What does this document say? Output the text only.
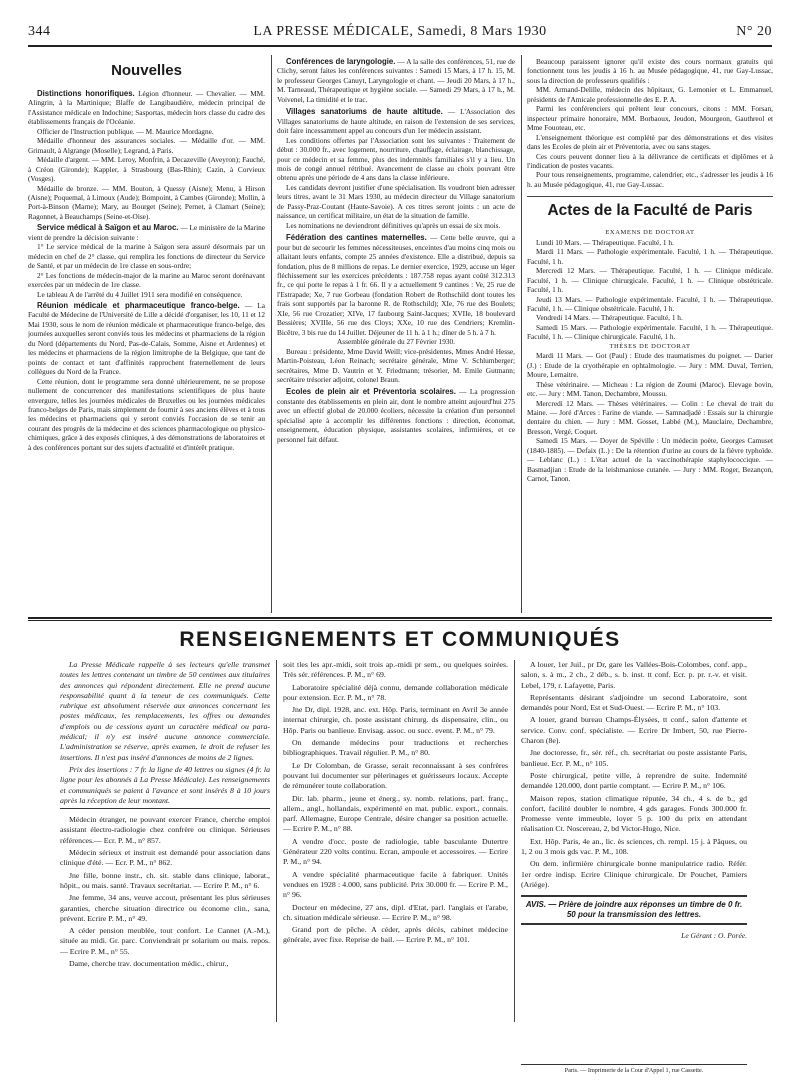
344	LA PRESSE MÉDICALE, Samedi, 8 Mars 1930	N° 20
Nouvelles

Distinctions honorifiques. Légion d'honneur. — Chevalier. — MM. Alingrin, à la Martinique; Blaffe de Langibaudière, médecin principal de l'Assistance médicale en Indochine; Sasportas, médecin hors classe du cadre des établissements français de l'Océanie.

Officier de l'Instruction publique. — M. Maurice Mordagne.

Médaille d'honneur des assurances sociales. — Médaille d'or. — MM. Grimault, à Algrange (Moselle); Legrand, à Paris.

Médaille d'argent. — MM. Leroy, Monfrin, à Decazeville (Aveyron); Fauché, à Créon (Gironde); Kappler, à Strasbourg (Bas-Rhin); Cazin, à Corvieux (Vosges).

Médaille de bronze. — MM. Bouton, à Quessy (Aisne); Menu, à Hirson (Aisne); Poquemal, à Limoux (Aude); Bompoint, à Cambes (Gironde); Mollin, à Port-à-Binson (Marne); Mary, au Bourget (Seine); Pernet, à Clamart (Seine); Ragonnet, à Beauchamps (Seine-et-Oise).

Service médical à Saïgon et au Maroc. — Le ministère de la Marine vient de prendre la décision suivante :

1° Le service médical de la marine à Saïgon sera assuré désormais par un médecin en chef de 2° classe, qui remplira les fonctions de directeur du Service de Santé, et par un médecin de 1re classe en sous-ordre;

2° Les fonctions de médecin-major de la marine au Maroc seront dorénavant exercées par un médecin de 1re classe.

Le tableau A de l'arrêté du 4 Juillet 1911 sera modifié en conséquence.

Réunion médicale et pharmaceutique franco-belge. — La Faculté de Médecine de l'Université de Lille a décidé d'organiser, les 10, 11 et 12 Mai 1930, sous le nom de réunion médicale et pharmaceutique franco-belge, des journées auxquelles seront conviés tous les médecins et pharmaciens de la région du Nord (départements du Nord, Pas-de-Calais, Somme, Aisne et Ardennes) et les médecins et pharmaciens de la région limitrophe de la Belgique, que tant de points de contact et tant d'affinités rapprochent fraternellement de leurs collègues du Nord de la France.

Cette réunion, dont le programme sera donné ultérieurement, ne se propose nullement de concurrencer des manifestations scientifiques de plus haute envergure, telles les journées médicales de Bruxelles ou les journées médicales franco-belges de Paris, mais simplement de fournir à ses anciens élèves et à tous les médecins et pharmaciens qui y seront conviés l'occasion de se tenir au courant des progrès de la médecine et des sciences pharmacologique ou physico-chimiques, grâce à des exposés cliniques, à des démonstrations de laboratoires et à des conférences portant sur des sujets d'actualité et d'intérêt pratique.

Conférences de laryngologie. — A la salle des conférences, 51, rue de Clichy, seront faites les conférences suivantes : Samedi 15 Mars, à 17 h. 15, M. le professeur Georges Canuyt, Laryngologie et chant. — Jeudi 20 Mars, à 17 h., M. Tarneaud, Thérapeutique et hygiène sociale. — Samedi 29 Mars, à 17 h., M. Voivenel, La timidité et le trac.

Villages sanatoriums de haute altitude. — L'Association des Villages sanatoriums de haute altitude, en raison de l'extension de ses services, doit faire incessamment appel au concours d'un 1er médecin assistant.

Les conditions offertes par l'Association sont les suivantes : Traitement de début : 30.000 fr., avec logement, nourriture, chauffage, éclairage, blanchissage, pour ce médecin et sa femme, plus des indemnités familiales s'il y a lieu. Un mois de congé annuel rétribué. Avancement de classe au choix pouvant être obtenu après une période de 4 ans dans la classe inférieure.

Les candidats devront justifier d'une spécialisation. Ils voudront bien adresser leurs titres, avant le 31 Mars 1930, au médecin directeur du Village sanatorium de Passy-Praz-Coutant (Haute-Savoie). A ces titres seront joints : un acte de naissance, un certificat militaire, un état de la situation de famille.

Les nominations ne deviendront définitives qu'après un essai de six mois.

Fédération des cantines maternelles. — Cette belle œuvre, qui a pour but de secourir les femmes nécessiteuses, enceintes d'au moins cinq mois ou allaitant leurs enfants, compte 25 années d'existence. Elle a distribué, depuis sa fondation, plus de 8 millions de repas. Le dernier exercice, 1929, accuse un léger fléchissement sur les exercices précédents : 187.758 repas ayant coûté 312.313 fr., ce qui porte le repas à 1 fr. 66. Il y a actuellement 9 cantines : Ve, 25 rue de l'Estrapade; Xe, 7 rue Gorbeau (fondation Robert de Rothschild dont toutes les frais sont supportés par la baronne R. de Rothschild); XIe, 76 rue des Boulets; XIe, 56 rue Crozatier; XIVe, 17 faubourg Saint-Jacques; XVIIe, 18 boulevard Bessières; XVIIIe, 56 rue des Cloys; XXe, 10 rue des Cendriers; Kremlin-Bicêtre, 3 bis rue du 14 Juillet. Déjeuner de 11 h. à 1 h.; dîner de 5 h. à 7 h.

Assemblée générale du 27 Février 1930.

Bureau : présidente, Mme David Weill; vice-présidentes, Mmes André Hesse, Martin-Poisteau, Léon Reinach; secrétaire générale, Mme V. Schlumberger; secrétaires, Mme D. Vautrin et Y. Friedmann; trésorier, M. Emile Gutmann; secrétaire trésorier adjoint, colonel Braun.

Ecoles de plein air et Préventoria scolaires. — La progression constante des établissements en plein air, dont le nombre atteint aujourd'hui 275 avec un effectif global de 20.000 écoliers, nécessite la création d'un personnel spécialisé apte à accomplir les différentes fonctions : direction, économat, enseignement, éducation physique, assistantes scolaires, infirmières, et ce personnel fait défaut.

Beaucoup paraissent ignorer qu'il existe des cours normaux gratuits qui fonctionnent tous les jeudis à 16 h. au Musée pédagogique, 41, rue Gay-Lussac, sous la direction de professeurs qualifiés :

MM. Armand-Delille, médecin des hôpitaux, G. Lemonier et L. Emmanuel, présidents de l'Amicale professionnelle des E. P. A.

Parmi les conférenciers qui prêtent leur concours, citons : MM. Forsan, inspecteur primaire honoraire, MM. Borbaoux, Jeudon, Mourgeon, Gauthreol et Mme Fouoteau, etc.

L'enseignement théorique est complété par des démonstrations et des visites dans les Ecoles de plein air et Préventoria, avec ou sans stages.

Ces cours peuvent donner lieu à la délivrance de certificats et diplômes et à l'indication de postes vacants.

Pour tous renseignements, programme, calendrier, etc., s'adresser les jeudis à 16 h. au Musée pédagogique, 41, rue Gay-Lussac.

Actes de la Faculté de Paris

EXAMENS DE DOCTORAT

Lundi 10 Mars. — Thérapeutique. Faculté, 1 h.

Mardi 11 Mars. — Pathologie expérimentale. Faculté, 1 h. — Thérapeutique. Faculté, 1 h.

Mercredi 12 Mars. — Thérapeutique. Faculté, 1 h. — Clinique médicale. Faculté, 1 h. — Clinique chirurgicale. Faculté, 1 h. — Clinique obstétricale. Faculté, 1 h.

Jeudi 13 Mars. — Pathologie expérimentale. Faculté, 1 h. — Thérapeutique. Faculté, 1 h. — Clinique obstétricale. Faculté, 1 h.

Vendredi 14 Mars. — Thérapeutique. Faculté, 1 h.

Samedi 15 Mars. — Pathologie expérimentale. Faculté, 1 h. — Thérapeutique. Faculté, 1 h. — Clinique chirurgicale. Faculté, 1 h.

THÈSES DE DOCTORAT

Mardi 11 Mars. — Got (Paul) : Etude des traumatismes du poignet. — Darier (J.) : Etude de la cryothérapie en ophtalmologie. — Jury : MM. Duval, Terrien, Moure, Lemaitre.

Thèse vétérinaire. — Micheau : La région de Zoumi (Maroc). Elevage bovin, etc. — Jury : MM. Tanon, Dechambre, Moussu.

Mercredi 12 Mars. — Thèses vétérinaires. — Colin : Le cheval de trait du Maine. — Joré d'Arces : Farine de viande. — Samnadjadé : Essais sur la chirurgie dentaire du chien. — Jury : MM. Gosset, Labbé (M.), Mauclaire, Dechambre, Bresson, Vergé, Coquet.

Samedi 15 Mars. — Doyer de Spéville : Un médecin poète, Georges Camuset (1840-1885). — Defaix (L.) : De la rétention d'urine au cours de la fièvre typhoïde. — Leblanc (L.) : L'état actuel de la vaccinothérapie staphylococcique. — Basmadjian : Etude de la leishmaniose cutanée. — Jury : MM. Roger, Bezançon, Carnot, Tanon.

RENSEIGNEMENTS ET COMMUNIQUÉS

La Presse Médicale rappelle à ses lecteurs qu'elle transmet toutes les lettres contenant un timbre de 50 centimes aux titulaires des annonces qui répondent directement. Elle ne prend aucune responsabilité quant à la teneur de ces communiqués. Cette rubrique est absolument réservée aux annonces concernant les postes médicaux, les remplacements, les offres ou demandes d'emplois ou de cessions ayant un caractère médical ou para-médical; il n'y est inséré aucune annonce commerciale. L'administration se réserve, après examen, le droit de refuser les insertions. Il n'est pas inséré d'annonces de moins de 2 lignes.

Prix des insertions : 7 fr. la ligne de 40 lettres ou signes (4 fr. la ligne pour les abonnés à La Presse Médicale). Les renseignements et communiqués se paient à l'avance et sont insérés 8 à 10 jours après la réception de leur montant.

Médecin étranger, ne pouvant exercer France, cherche emploi assistant électro-radiologie chez confrère ou clinique. Sérieuses références.— Ecr. P. M., n° 857.

Médecin sérieux et instruit est demandé pour association dans clinique d'été. — Ecr. P. M., n° 862.

Jne fille, bonne instr., ch. sit. stable dans clinique, laborat., hôpit., ou mais. santé. Travaux secrétariat. — Ecrire P. M., n° 6.

Jne femme, 34 ans, veuve accout, présentant les plus sérieuses garanties, cherche situation directrice ou économe clin., sana, prévent. Ecrire P. M., n° 49.

A céder pension meublée, tout confort. Le Cannet (A.-M.), située au midi. Gr. parc. Conviendrait pr solarium ou mais. repos. — Ecrire P. M., n° 55.

Dame, cherche trav. documentation médic., chirur.,

soit tles les apr.-midi, soit trois ap.-midi pr sem., ou quelques soirées. Très sér. références. P. M., n° 69.

Laboratoire spécialité déjà connu, demande collaboration médicale pour extension. Ecr. P. M., n° 78.

Jne Dr, dipl. 1928, anc. ext. Hôp. Paris, terminant en Avril 3e année internat chirurgie, ch. poste assistant chirurg. ds dispensaire, clin., ou Hôp. Paris ou banlieue. Envisag. assoc. ou succ. event. P. M., n° 79.

On demande médecins pour traductions et recherches bibliographiques. Travail régulier. P. M., n° 80.

Le Dr Colomban, de Grasse, serait reconnaissant à ses confrères pouvant lui documenter sur pèlerinages et guérisseurs locaux. Accepte de rémunérer toute collaboration.

Dir. lab. pharm., jeune et énerg., sy. nomb. relations, parl. franç., allem., angl., hollandais, expérimenté en mat. public. export., connais. parf. Allemagne, Europe Centrale, désire changer sa position actuelle. — Ecrire P. M., n° 88.

A vendre d'occ. poste de radiologie, table basculante Dutertre Générateur 220 volts continu. Ecran, ampoule et accessoires. — Ecrire P. M., n° 94.

A vendre spécialité pharmaceutique facile à fabriquer. Unités vendues en 1928 : 4.000, sans publicité. Prix 30.000 fr. — Ecrire P. M., n° 96.

Docteur en médecine, 27 ans, dipl. d'Etat, parl. l'anglais et l'arabe, ch. situation médicale sérieuse. — Ecrire P. M., n° 98.

Grand port de pêche. A céder, après décès, cabinet médecine générale, avec fixe. Reprise de bail. — Ecrire P. M., n° 101.

A louer, 1er Juil., pr Dr, gare les Vallées-Bois-Colombes, conf. app., salon, s. à m., 2 ch., 2 déb., s. b. inst. tt conf. Ecr. p. pr. r.-v. et visit. Lebel, 179, r. Lafayette, Paris.

Représentants désirant s'adjoindre un second Laboratoire, sont demandés pour Nord, Est et Sud-Ouest. — Ecrire P. M., n° 103.

A louer, grand bureau Champs-Élysées, tt conf., salon d'attente et service. Conv. conf. spécialiste. — Ecrire Dr Imbert, 50, rue Pierre-Charon (8e).

Jne doctoresse, fr., sér. réf., ch. secrétariat ou poste assistante Paris, banlieue. Ecr. P. M., n° 105.

Poste chirurgical, petite ville, à reprendre de suite. Indemnité demandée 120.000, dont partie comptant. — Ecrire P. M., n° 106.

Maison repos, station climatique réputée, 34 ch., 4 s. de b., gd confort, facilité doubler le nombre, 4 gds garages. Fonds 300.000 fr. Promesse vente immeuble, loyer 5 p. 100 du prix en attendant réalisation Ct. Noscereau, 2, bd Victor-Hugo, Nice.

Ext. Hôp. Paris, 4e an., lic. ès sciences, ch. rempl. 15 j. à Pâques, ou 1, 2 ou 3 mois gds vac. P. M., 108.

On dem. infirmière chirurgicale bonne manipulatrice radio. Référ. 1er ordre indisp. Ecrire Clinique chirurgicale. Dr Pouchet, Pamiers (Ariège).

AVIS. — Prière de joindre aux réponses un timbre de 0 fr. 50 pour la transmission des lettres.
Le Gérant : O. Porée.
Paris. — Imprimerie de la Cour d'Appel 1, rue Cassette.
